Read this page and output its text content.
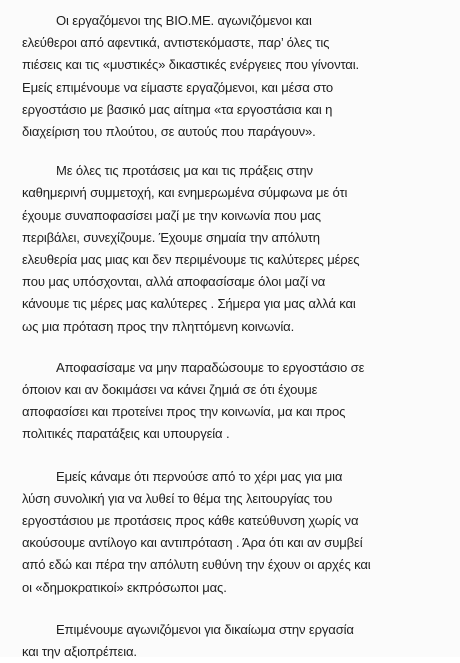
Οι εργαζόμενοι της ΒΙΟ.ΜΕ. αγωνιζόμενοι και
ελεύθεροι από αφεντικά, αντιστεκόμαστε, παρ’ όλες τις
πιέσεις και τις «μυστικές» δικαστικές ενέργειες που γίνονται.
Εμείς επιμένουμε να είμαστε εργαζόμενοι, και μέσα στο
εργοστάσιο με βασικό μας αίτημα «τα εργοστάσια και η
διαχείριση του πλούτου, σε αυτούς που παράγουν».

Με όλες τις προτάσεις μα και τις πράξεις στην
καθημερινή συμμετοχή, και ενημερωμένα σύμφωνα με ότι
έχουμε συναποφασίσει μαζί με την κοινωνία που μας
περιβάλει, συνεχίζουμε. Έχουμε σημαία την απόλυτη
ελευθερία μας μιας και δεν περιμένουμε τις καλύτερες μέρες
που μας υπόσχονται, αλλά αποφασίσαμε όλοι μαζί να
κάνουμε τις μέρες μας καλύτερες . Σήμερα για μας αλλά και
ως μια πρόταση προς την πληττόμενη κοινωνία.

Αποφασίσαμε να μην παραδώσουμε το εργοστάσιο σε
όποιον και αν δοκιμάσει να κάνει ζημιά σε ότι έχουμε
αποφασίσει και προτείνει προς την κοινωνία, μα και προς
πολιτικές παρατάξεις και υπουργεία .

Εμείς κάναμε ότι περνούσε από το χέρι μας για μια
λύση συνολική για να λυθεί το θέμα της λειτουργίας του
εργοστάσιου με προτάσεις προς κάθε κατεύθυνση χωρίς να
ακούσουμε αντίλογο και αντιπρόταση . Άρα ότι και αν συμβεί
από εδώ και πέρα την απόλυτη ευθύνη την έχουν οι αρχές και
οι «δημοκρατικοί» εκπρόσωποι μας.

Επιμένουμε αγωνιζόμενοι για δικαίωμα στην εργασία
και την αξιοπρέπεια.
